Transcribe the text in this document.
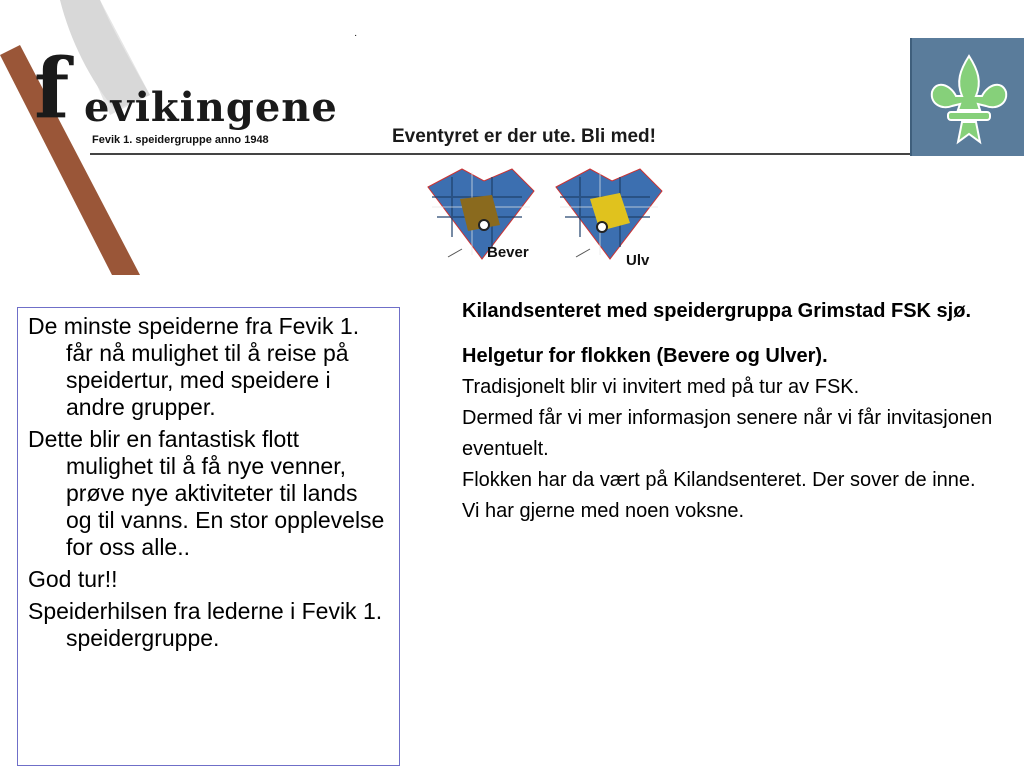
f evikingene
Fevik 1. speidergruppe anno 1948
·
Eventyret er der ute. Bli med!
Bever	Ulv

De minste speiderne fra Fevik 1. får nå mulighet til å reise på speidertur, med speidere i andre grupper.

Dette blir en fantastisk flott mulighet til å få nye venner, prøve nye aktiviteter til lands og til vanns. En stor opplevelse for oss alle..

God tur!!

Speiderhilsen fra lederne i Fevik 1. speidergruppe.

Kilandsenteret med speidergruppa Grimstad FSK sjø.
Helgetur for flokken (Bevere og Ulver).
Tradisjonelt blir vi invitert med på tur av FSK.
Dermed får vi mer informasjon senere når vi får invitasjonen eventuelt.
Flokken har da vært på Kilandsenteret. Der sover de inne.
Vi har gjerne med noen voksne.
